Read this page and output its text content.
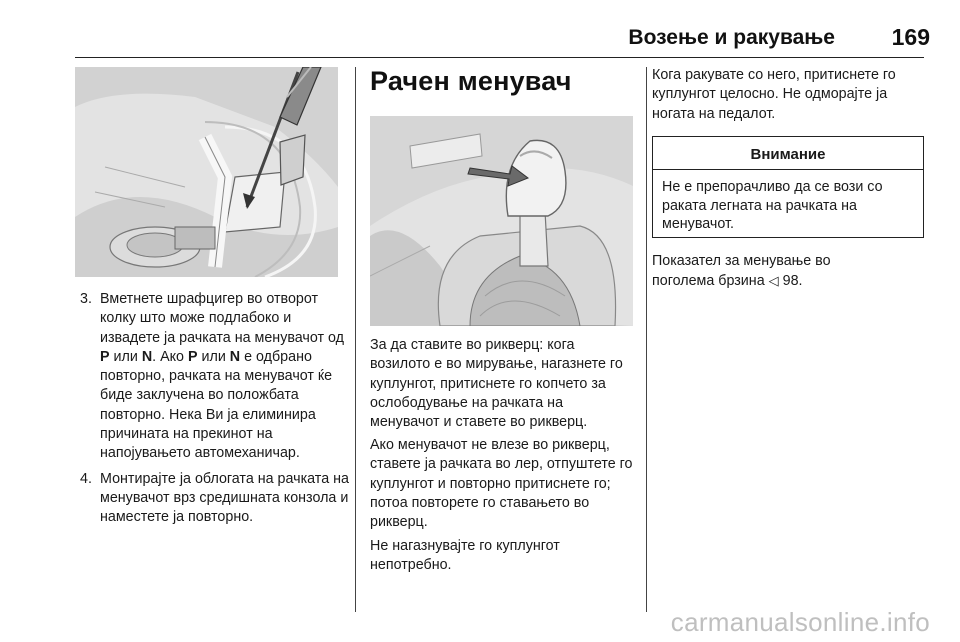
Возење и ракување 169
3. Вметнете шрафцигер во отворот колку што може подлабоко и извадете ја рачката на менувачот од P или N. Ако P или N е одбрано повторно, рачката на менувачот ќе биде заклучена во положбата повторно. Нека Ви ја елиминира причината на прекинот на напојувањето автомеханичар.
4. Монтирајте ја облогата на рачката на менувачот врз средишната конзола и наместете ја повторно.
Рачен менувач

За да ставите во рикверц: кога возилото е во мирување, нагазнете го куплунгот, притиснете го копчето за ослободување на рачката на менувачот и ставете во рикверц.

Ако менувачот не влезе во рикверц, ставете ја рачката во лер, отпуштете го куплунгот и повторно притиснете го; потоа повторете го ставањето во рикверц.

Не нагазнувајте го куплунгот непотребно.

Кога ракувате со него, притиснете го куплунгот целосно. Не одмораjте ја ногата на педалот.

Внимание
Не е препорачливо да се вози со раката легната на рачката на менувачот.

Показател за менување во поголема брзина ◁ 98.

carmanualsonline.info
